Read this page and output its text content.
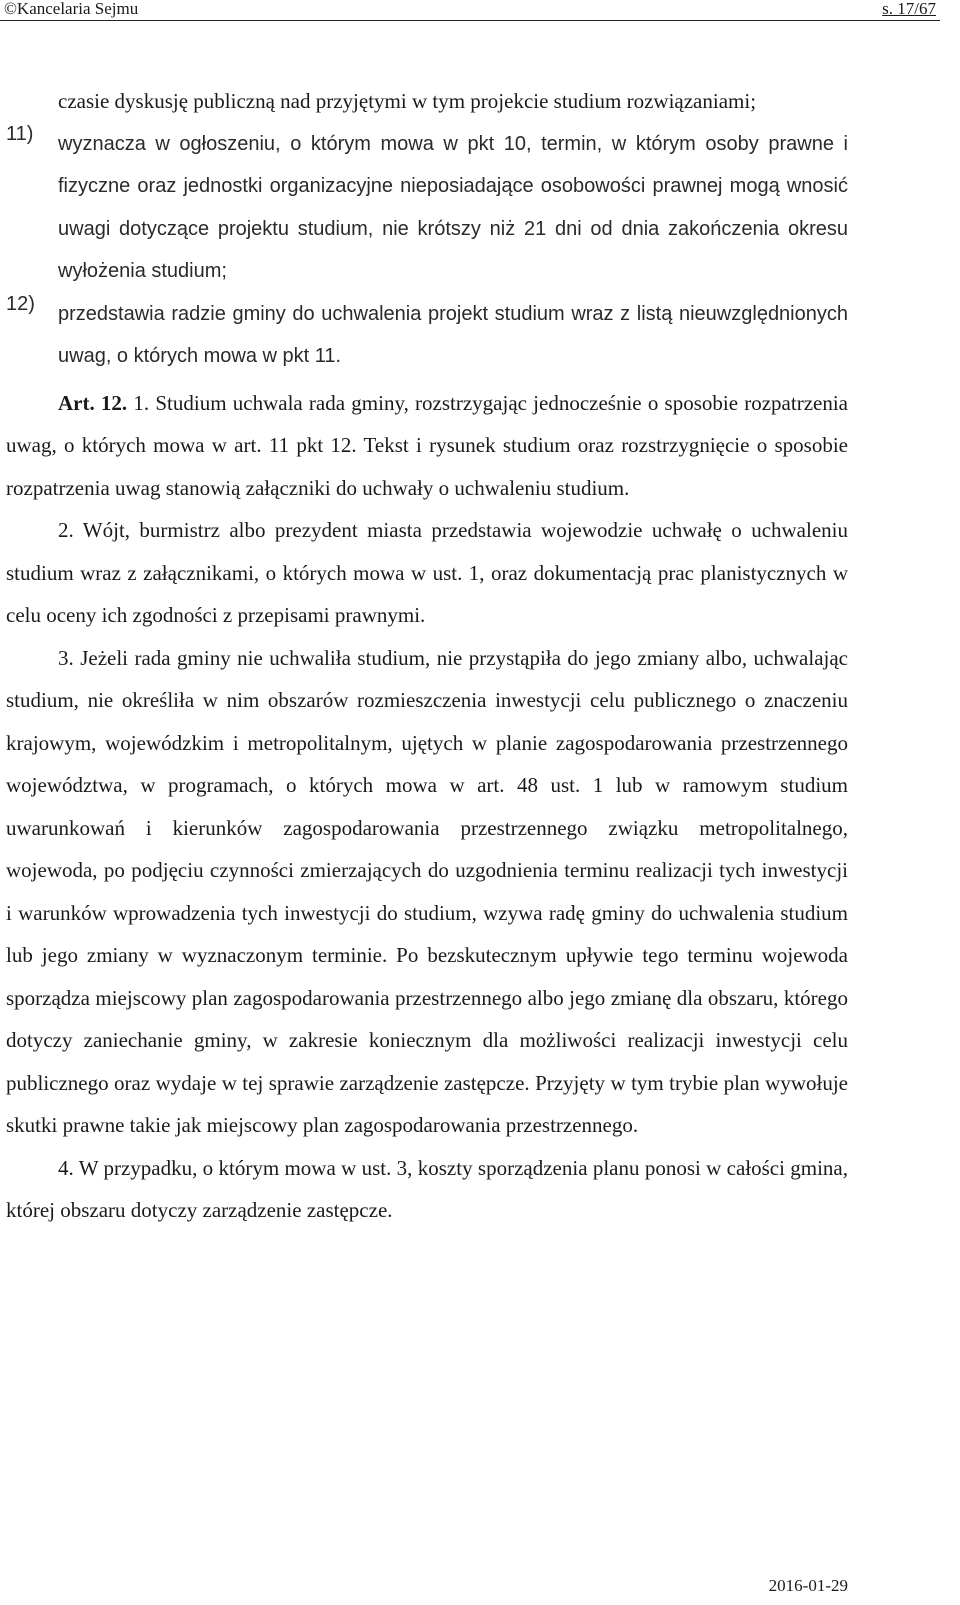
©Kancelaria Sejmu	s. 17/67

czasie dyskusję publiczną nad przyjętymi w tym projekcie studium rozwiązaniami;

11) wyznacza w ogłoszeniu, o którym mowa w pkt 10, termin, w którym osoby prawne i fizyczne oraz jednostki organizacyjne nieposiadające osobowości prawnej mogą wnosić uwagi dotyczące projektu studium, nie krótszy niż 21 dni od dnia zakończenia okresu wyłożenia studium;

12) przedstawia radzie gminy do uchwalenia projekt studium wraz z listą nieuwzględnionych uwag, o których mowa w pkt 11.

Art. 12. 1. Studium uchwala rada gminy, rozstrzygając jednocześnie o sposobie rozpatrzenia uwag, o których mowa w art. 11 pkt 12. Tekst i rysunek studium oraz rozstrzygnięcie o sposobie rozpatrzenia uwag stanowią załączniki do uchwały o uchwaleniu studium.

2. Wójt, burmistrz albo prezydent miasta przedstawia wojewodzie uchwałę o uchwaleniu studium wraz z załącznikami, o których mowa w ust. 1, oraz dokumentacją prac planistycznych w celu oceny ich zgodności z przepisami prawnymi.

3. Jeżeli rada gminy nie uchwaliła studium, nie przystąpiła do jego zmiany albo, uchwalając studium, nie określiła w nim obszarów rozmieszczenia inwestycji celu publicznego o znaczeniu krajowym, wojewódzkim i metropolitalnym, ujętych w planie zagospodarowania przestrzennego województwa, w programach, o których mowa w art. 48 ust. 1 lub w ramowym studium uwarunkowań i kierunków zagospodarowania przestrzennego związku metropolitalnego, wojewoda, po podjęciu czynności zmierzających do uzgodnienia terminu realizacji tych inwestycji i warunków wprowadzenia tych inwestycji do studium, wzywa radę gminy do uchwalenia studium lub jego zmiany w wyznaczonym terminie. Po bezskutecznym upływie tego terminu wojewoda sporządza miejscowy plan zagospodarowania przestrzennego albo jego zmianę dla obszaru, którego dotyczy zaniechanie gminy, w zakresie koniecznym dla możliwości realizacji inwestycji celu publicznego oraz wydaje w tej sprawie zarządzenie zastępcze. Przyjęty w tym trybie plan wywołuje skutki prawne takie jak miejscowy plan zagospodarowania przestrzennego.

4. W przypadku, o którym mowa w ust. 3, koszty sporządzenia planu ponosi w całości gmina, której obszaru dotyczy zarządzenie zastępcze.

2016-01-29
